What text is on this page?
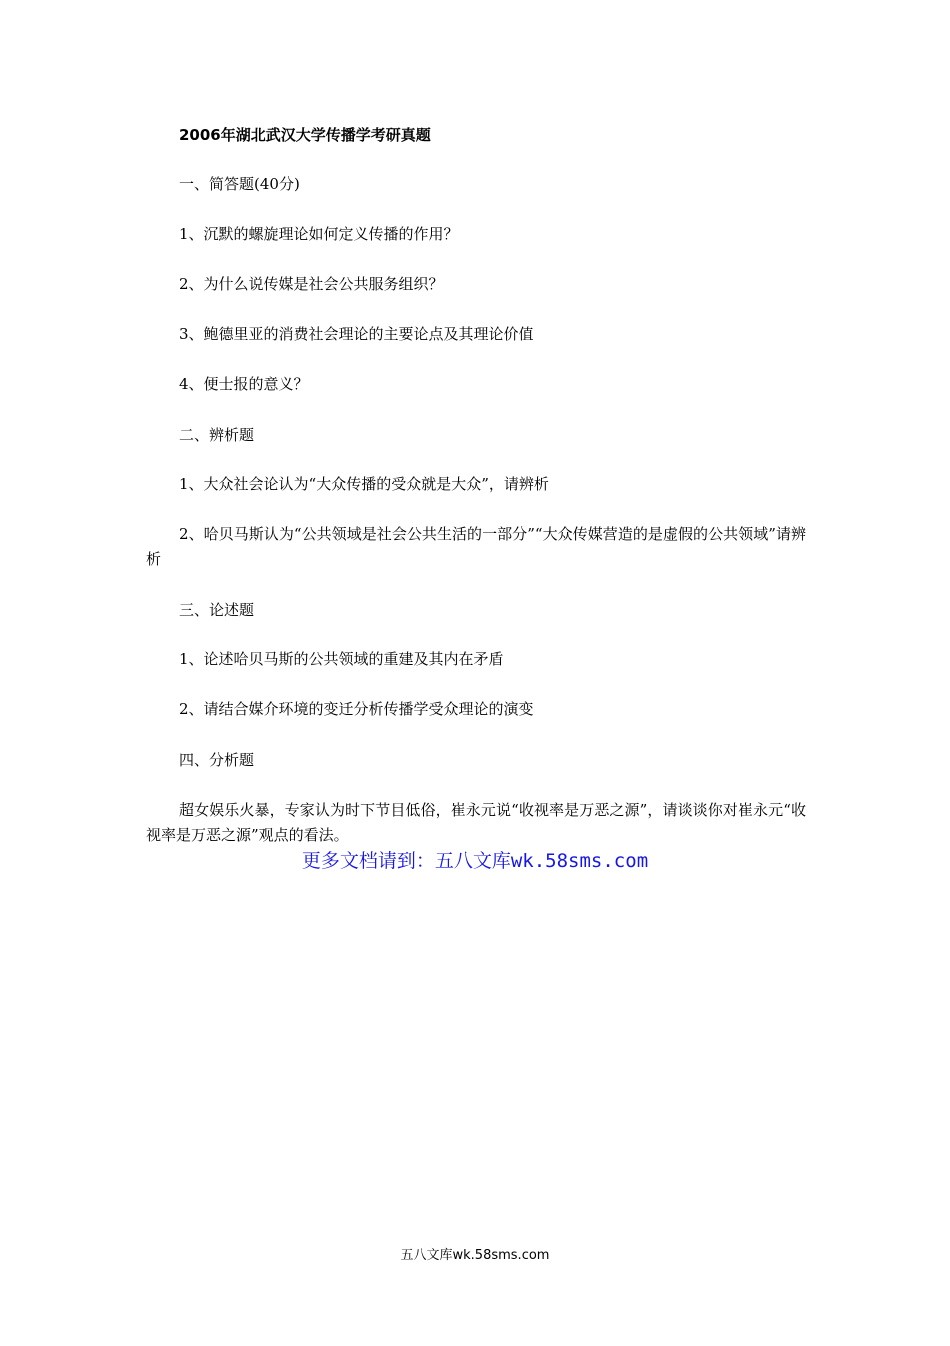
2006年湖北武汉大学传播学考研真题
一、简答题(40分)
1、沉默的螺旋理论如何定义传播的作用？
2、为什么说传媒是社会公共服务组织？
3、鲍德里亚的消费社会理论的主要论点及其理论价值
4、便士报的意义？
二、辨析题
1、大众社会论认为“大众传播的受众就是大众”，请辨析
2、哈贝马斯认为“公共领域是社会公共生活的一部分”“大众传媒营造的是虚假的公共领域”请辨析
三、论述题
1、论述哈贝马斯的公共领域的重建及其内在矛盾
2、请结合媒介环境的变迁分析传播学受众理论的演变
四、分析题
超女娱乐火暴，专家认为时下节目低俗，崔永元说“收视率是万恶之源”，请谈谈你对崔永元“收视率是万恶之源”观点的看法。
更多文档请到：五八文库wk.58sms.com
五八文库wk.58sms.com
